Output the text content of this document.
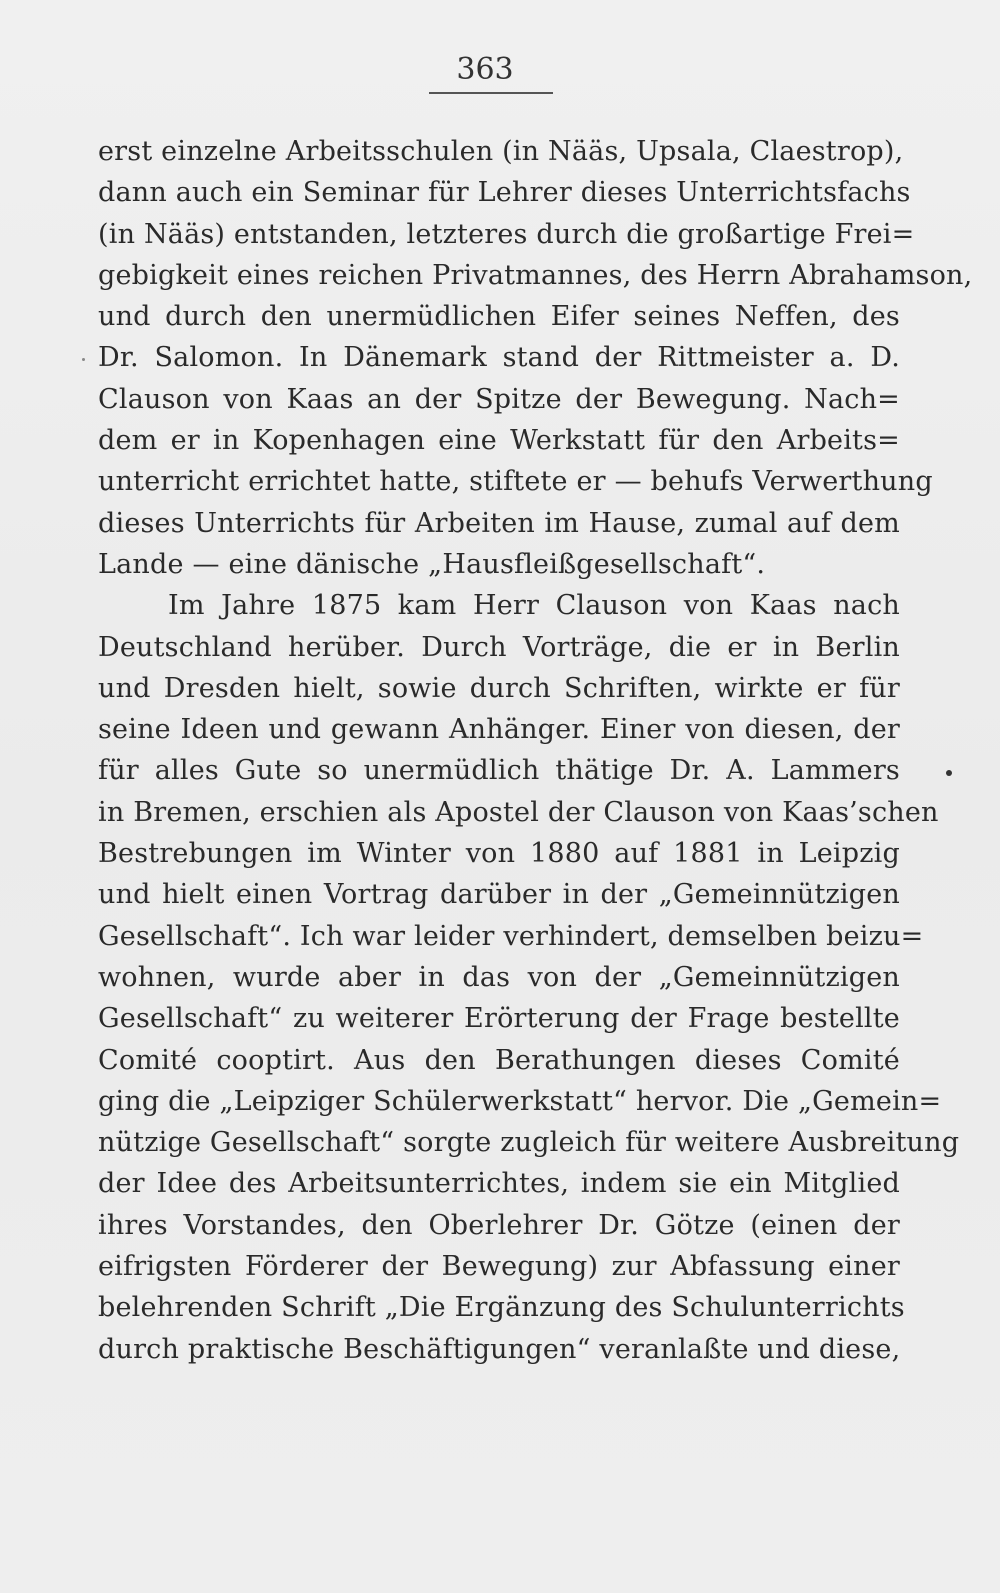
363
erst einzelne Arbeitsschulen (in Nääs, Upsala, Claestrop),
dann auch ein Seminar für Lehrer dieses Unterrichtsfachs
(in Nääs) entstanden, letzteres durch die großartige Frei=
gebigkeit eines reichen Privatmannes, des Herrn Abrahamson,
und durch den unermüdlichen Eifer seines Neffen, des
Dr. Salomon. In Dänemark stand der Rittmeister a. D.
Clauson von Kaas an der Spitze der Bewegung. Nach=
dem er in Kopenhagen eine Werkstatt für den Arbeits=
unterricht errichtet hatte, stiftete er — behufs Verwerthung
dieses Unterrichts für Arbeiten im Hause, zumal auf dem
Lande — eine dänische „Hausfleißgesellschaft“.
Im Jahre 1875 kam Herr Clauson von Kaas nach
Deutschland herüber. Durch Vorträge, die er in Berlin
und Dresden hielt, sowie durch Schriften, wirkte er für
seine Ideen und gewann Anhänger. Einer von diesen, der
für alles Gute so unermüdlich thätige Dr. A. Lammers
in Bremen, erschien als Apostel der Clauson von Kaas’schen
Bestrebungen im Winter von 1880 auf 1881 in Leipzig
und hielt einen Vortrag darüber in der „Gemeinnützigen
Gesellschaft“. Ich war leider verhindert, demselben beizu=
wohnen, wurde aber in das von der „Gemeinnützigen
Gesellschaft“ zu weiterer Erörterung der Frage bestellte
Comité cooptirt. Aus den Berathungen dieses Comité
ging die „Leipziger Schülerwerkstatt“ hervor. Die „Gemein=
nützige Gesellschaft“ sorgte zugleich für weitere Ausbreitung
der Idee des Arbeitsunterrichtes, indem sie ein Mitglied
ihres Vorstandes, den Oberlehrer Dr. Götze (einen der
eifrigsten Förderer der Bewegung) zur Abfassung einer
belehrenden Schrift „Die Ergänzung des Schulunterrichts
durch praktische Beschäftigungen“ veranlaßte und diese,
